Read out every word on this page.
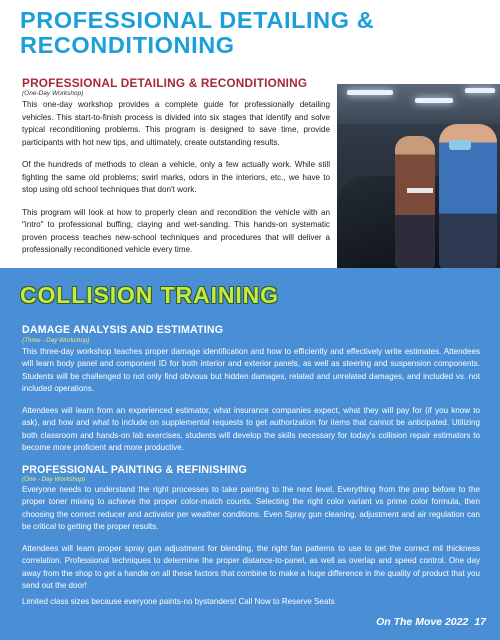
PROFESSIONAL DETAILING & RECONDITIONING
PROFESSIONAL DETAILING & RECONDITIONING
(One-Day Workshop)

This one-day workshop provides a complete guide for professionally detailing vehicles. This start-to-finish process is divided into six stages that identify and solve typical reconditioning problems. This program is designed to save time, provide participants with hot new tips, and ultimately, create outstanding results.

Of the hundreds of methods to clean a vehicle, only a few actually work. While still fighting the same old problems; swirl marks, odors in the interiors, etc., we have to stop using old school techniques that don't work.

This program will look at how to properly clean and recondition the vehicle with an "intro" to professional buffing, claying and wet-sanding. This hands-on systematic proven process teaches new-school techniques and procedures that will deliver a professionally reconditioned vehicle every time.

COLLISION TRAINING
DAMAGE ANALYSIS AND ESTIMATING
(Three - Day Workshop)

This three-day workshop teaches proper damage identification and how to efficiently and effectively write estimates. Attendees will learn body panel and component ID for both interior and exterior panels, as well as steering and suspension components. Students will be challenged to not only find obvious but hidden damages, related and unrelated damages, and included vs. not included operations.

Attendees will learn from an experienced estimator, what insurance companies expect, what they will pay for (if you know to ask), and how and what to include on supplemental requests to get authorization for items that cannot be anticipated. Utilizing both classroom and hands-on lab exercises, students will develop the skills necessary for today's collision repair estimators to become more proficient and more productive.

PROFESSIONAL PAINTING & REFINISHING
(One - Day Workshop)

Everyone needs to understand the right processes to take painting to the next level. Everything from the prep before to the proper toner mixing to achieve the proper color-match counts. Selecting the right color variant vs prime color formula, then choosing the correct reducer and activator per weather conditions. Even Spray gun cleaning, adjustment and air regulation can be critical to getting the proper results.

Attendees will learn proper spray gun adjustment for blending, the right fan patterns to use to get the correct mil thickness correlation. Professional techniques to determine the proper distance-to-panel, as well as overlap and speed control. One day away from the shop to get a handle on all these factors that combine to make a huge difference in the quality of product that you send out the door!

Limited class sizes because everyone paints-no bystanders! Call Now to Reserve Seats
On The Move 2022 17
